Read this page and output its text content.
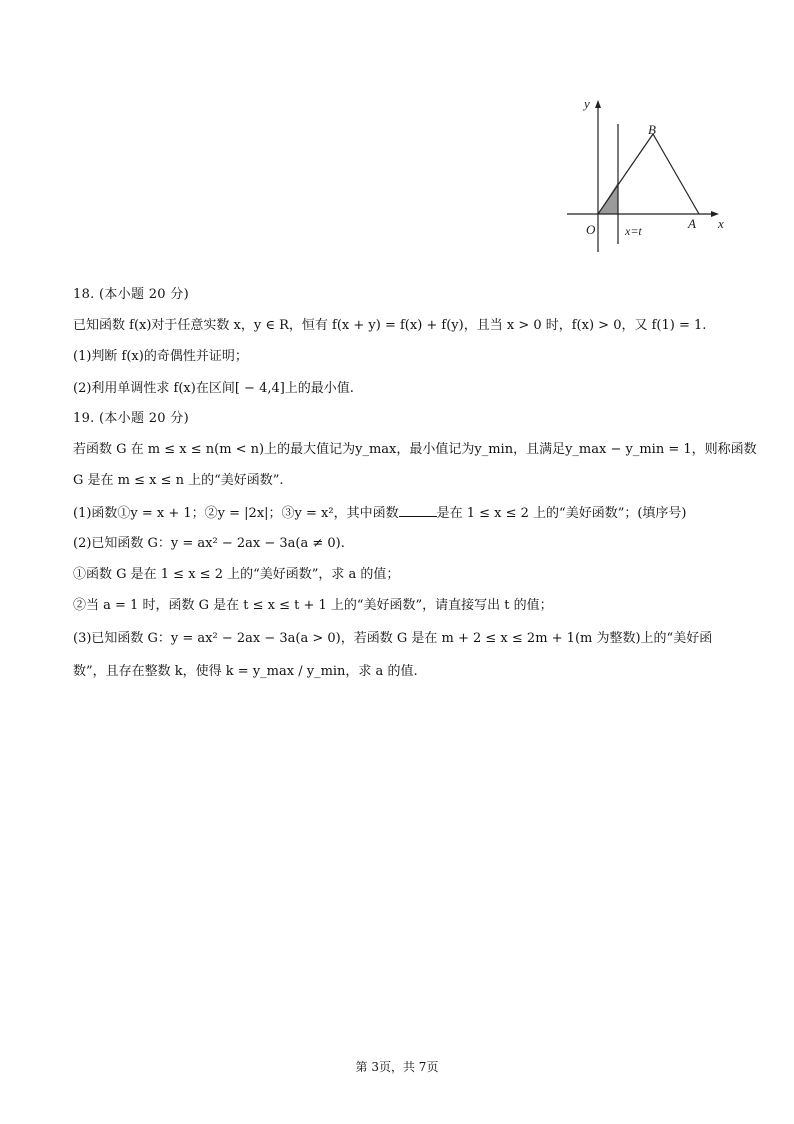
y
x
O
B
A
x=t
18. (本小题 20 分)
已知函数 f(x)对于任意实数 x，y ∈ R，恒有 f(x + y) = f(x) + f(y)，且当 x > 0 时，f(x) > 0，又 f(1) = 1.
(1)判断 f(x)的奇偶性并证明；
(2)利用单调性求 f(x)在区间[ − 4,4]上的最小值.
19. (本小题 20 分)
若函数 G 在 m ≤ x ≤ n(m < n)上的最大值记为y_max，最小值记为y_min，且满足y_max − y_min = 1，则称函数
G 是在 m ≤ x ≤ n 上的“美好函数”.
(1)函数①y = x + 1；②y = |2x|；③y = x²，其中函数	是在 1 ≤ x ≤ 2 上的“美好函数”；(填序号)
(2)已知函数 G：y = ax² − 2ax − 3a(a ≠ 0).
①函数 G 是在 1 ≤ x ≤ 2 上的“美好函数”，求 a 的值；
②当 a = 1 时，函数 G 是在 t ≤ x ≤ t + 1 上的“美好函数”，请直接写出 t 的值；
(3)已知函数 G：y = ax² − 2ax − 3a(a > 0)，若函数 G 是在 m + 2 ≤ x ≤ 2m + 1(m 为整数)上的“美好函
数”，且存在整数 k，使得 k = y_max / y_min，求 a 的值.
第 3页，共 7页
